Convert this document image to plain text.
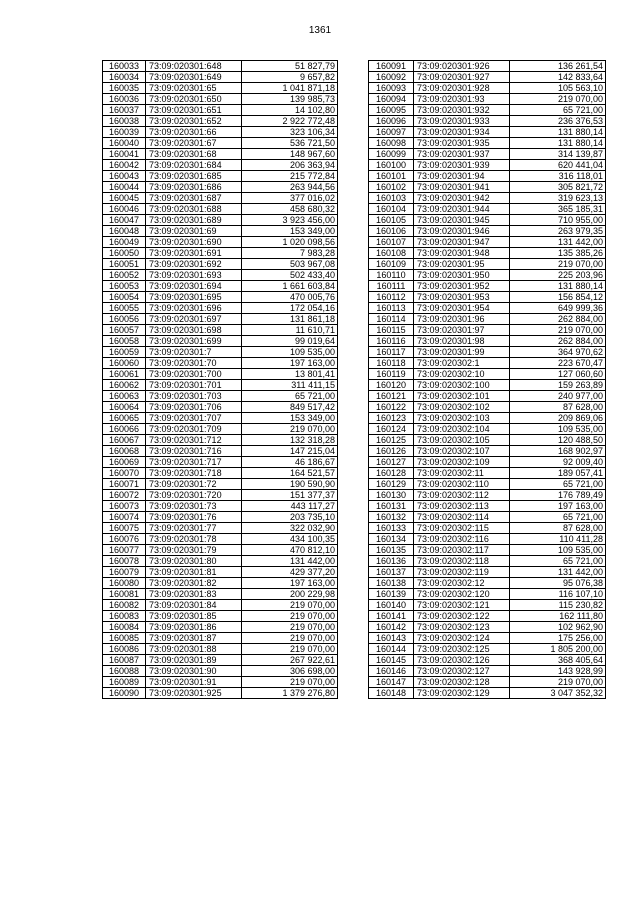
1361
160033	73:09:020301:648	51 827,79
160034	73:09:020301:649	9 657,82
160035	73:09:020301:65	1 041 871,18
160036	73:09:020301:650	139 985,73
160037	73:09:020301:651	14 102,80
160038	73:09:020301:652	2 922 772,48
160039	73:09:020301:66	323 106,34
160040	73:09:020301:67	536 721,50
160041	73:09:020301:68	148 967,60
160042	73:09:020301:684	206 363,94
160043	73:09:020301:685	215 772,84
160044	73:09:020301:686	263 944,56
160045	73:09:020301:687	377 016,02
160046	73:09:020301:688	458 680,32
160047	73:09:020301:689	3 923 456,00
160048	73:09:020301:69	153 349,00
160049	73:09:020301:690	1 020 098,56
160050	73:09:020301:691	7 983,28
160051	73:09:020301:692	503 967,08
160052	73:09:020301:693	502 433,40
160053	73:09:020301:694	1 661 603,84
160054	73:09:020301:695	470 005,76
160055	73:09:020301:696	172 054,16
160056	73:09:020301:697	131 861,18
160057	73:09:020301:698	11 610,71
160058	73:09:020301:699	99 019,64
160059	73:09:020301:7	109 535,00
160060	73:09:020301:70	197 163,00
160061	73:09:020301:700	13 801,41
160062	73:09:020301:701	311 411,15
160063	73:09:020301:703	65 721,00
160064	73:09:020301:706	849 517,42
160065	73:09:020301:707	153 349,00
160066	73:09:020301:709	219 070,00
160067	73:09:020301:712	132 318,28
160068	73:09:020301:716	147 215,04
160069	73:09:020301:717	46 186,67
160070	73:09:020301:718	164 521,57
160071	73:09:020301:72	190 590,90
160072	73:09:020301:720	151 377,37
160073	73:09:020301:73	443 117,27
160074	73:09:020301:76	203 735,10
160075	73:09:020301:77	322 032,90
160076	73:09:020301:78	434 100,35
160077	73:09:020301:79	470 812,10
160078	73:09:020301:80	131 442,00
160079	73:09:020301:81	429 377,20
160080	73:09:020301:82	197 163,00
160081	73:09:020301:83	200 229,98
160082	73:09:020301:84	219 070,00
160083	73:09:020301:85	219 070,00
160084	73:09:020301:86	219 070,00
160085	73:09:020301:87	219 070,00
160086	73:09:020301:88	219 070,00
160087	73:09:020301:89	267 922,61
160088	73:09:020301:90	306 698,00
160089	73:09:020301:91	219 070,00
160090	73:09:020301:925	1 379 276,80
160091	73:09:020301:926	136 261,54
160092	73:09:020301:927	142 833,64
160093	73:09:020301:928	105 563,10
160094	73:09:020301:93	219 070,00
160095	73:09:020301:932	65 721,00
160096	73:09:020301:933	236 376,53
160097	73:09:020301:934	131 880,14
160098	73:09:020301:935	131 880,14
160099	73:09:020301:937	314 139,87
160100	73:09:020301:939	620 441,04
160101	73:09:020301:94	316 118,01
160102	73:09:020301:941	305 821,72
160103	73:09:020301:942	319 623,13
160104	73:09:020301:944	365 185,31
160105	73:09:020301:945	710 955,00
160106	73:09:020301:946	263 979,35
160107	73:09:020301:947	131 442,00
160108	73:09:020301:948	135 385,26
160109	73:09:020301:95	219 070,00
160110	73:09:020301:950	225 203,96
160111	73:09:020301:952	131 880,14
160112	73:09:020301:953	156 854,12
160113	73:09:020301:954	649 999,36
160114	73:09:020301:96	262 884,00
160115	73:09:020301:97	219 070,00
160116	73:09:020301:98	262 884,00
160117	73:09:020301:99	364 970,62
160118	73:09:020302:1	223 670,47
160119	73:09:020302:10	127 060,60
160120	73:09:020302:100	159 263,89
160121	73:09:020302:101	240 977,00
160122	73:09:020302:102	87 628,00
160123	73:09:020302:103	209 869,06
160124	73:09:020302:104	109 535,00
160125	73:09:020302:105	120 488,50
160126	73:09:020302:107	168 902,97
160127	73:09:020302:109	92 009,40
160128	73:09:020302:11	189 057,41
160129	73:09:020302:110	65 721,00
160130	73:09:020302:112	176 789,49
160131	73:09:020302:113	197 163,00
160132	73:09:020302:114	65 721,00
160133	73:09:020302:115	87 628,00
160134	73:09:020302:116	110 411,28
160135	73:09:020302:117	109 535,00
160136	73:09:020302:118	65 721,00
160137	73:09:020302:119	131 442,00
160138	73:09:020302:12	95 076,38
160139	73:09:020302:120	116 107,10
160140	73:09:020302:121	115 230,82
160141	73:09:020302:122	162 111,80
160142	73:09:020302:123	102 962,90
160143	73:09:020302:124	175 256,00
160144	73:09:020302:125	1 805 200,00
160145	73:09:020302:126	368 405,64
160146	73:09:020302:127	143 928,99
160147	73:09:020302:128	219 070,00
160148	73:09:020302:129	3 047 352,32
